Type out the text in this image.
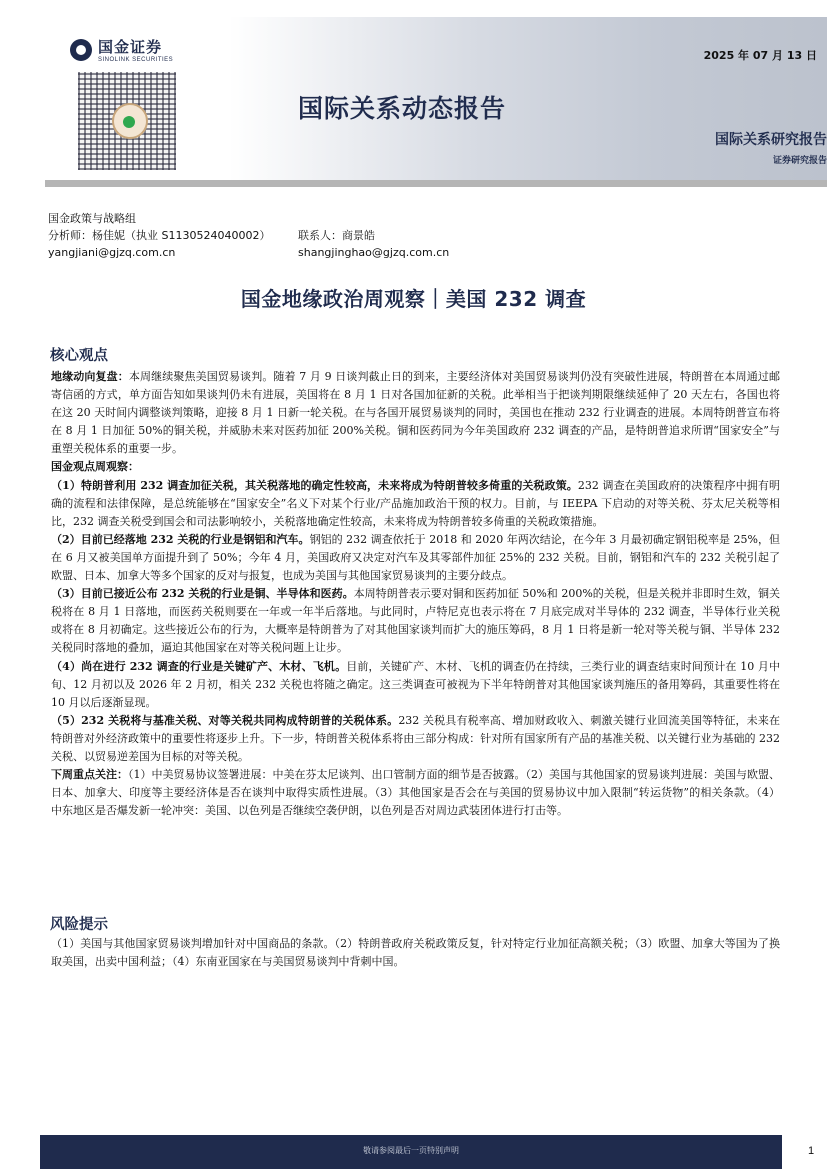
国金证券
SINOLINK SECURITIES	2025 年 07 月 13 日
国际关系动态报告
国际关系研究报告
证券研究报告
国金政策与战略组
分析师：杨佳妮（执业 S1130524040002）	联系人：商景皓
yangjiani@gjzq.com.cn	shangjinghao@gjzq.com.cn
国金地缘政治周观察｜美国 232 调查
核心观点

地缘动向复盘：本周继续聚焦美国贸易谈判。随着 7 月 9 日谈判截止日的到来，主要经济体对美国贸易谈判仍没有突破性进展，特朗普在本周通过邮寄信函的方式，单方面告知如果谈判仍未有进展，美国将在 8 月 1 日对各国加征新的关税。此举相当于把谈判期限继续延伸了 20 天左右，各国也将在这 20 天时间内调整谈判策略，迎接 8 月 1 日新一轮关税。在与各国开展贸易谈判的同时，美国也在推动 232 行业调查的进展。本周特朗普宣布将在 8 月 1 日加征 50%的铜关税，并威胁未来对医药加征 200%关税。铜和医药同为今年美国政府 232 调查的产品，是特朗普追求所谓“国家安全”与重塑关税体系的重要一步。

国金观点周观察：

（1）特朗普利用 232 调查加征关税，其关税落地的确定性较高，未来将成为特朗普较多倚重的关税政策。232 调查在美国政府的决策程序中拥有明确的流程和法律保障，是总统能够在“国家安全”名义下对某个行业/产品施加政治干预的权力。目前，与 IEEPA 下启动的对等关税、芬太尼关税等相比，232 调查关税受到国会和司法影响较小，关税落地确定性较高，未来将成为特朗普较多倚重的关税政策措施。

（2）目前已经落地 232 关税的行业是钢铝和汽车。钢铝的 232 调查依托于 2018 和 2020 年两次结论，在今年 3 月最初确定钢铝税率是 25%，但在 6 月又被美国单方面提升到了 50%；今年 4 月，美国政府又决定对汽车及其零部件加征 25%的 232 关税。目前，钢铝和汽车的 232 关税引起了欧盟、日本、加拿大等多个国家的反对与报复，也成为美国与其他国家贸易谈判的主要分歧点。

（3）目前已接近公布 232 关税的行业是铜、半导体和医药。本周特朗普表示要对铜和医药加征 50%和 200%的关税，但是关税并非即时生效，铜关税将在 8 月 1 日落地，而医药关税则要在一年或一年半后落地。与此同时，卢特尼克也表示将在 7 月底完成对半导体的 232 调查，半导体行业关税或将在 8 月初确定。这些接近公布的行为，大概率是特朗普为了对其他国家谈判而扩大的施压筹码，8 月 1 日将是新一轮对等关税与铜、半导体 232 关税同时落地的叠加，逼迫其他国家在对等关税问题上让步。

（4）尚在进行 232 调查的行业是关键矿产、木材、飞机。目前，关键矿产、木材、飞机的调查仍在持续，三类行业的调查结束时间预计在 10 月中旬、12 月初以及 2026 年 2 月初，相关 232 关税也将随之确定。这三类调查可被视为下半年特朗普对其他国家谈判施压的备用筹码，其重要性将在 10 月以后逐渐显现。

（5）232 关税将与基准关税、对等关税共同构成特朗普的关税体系。232 关税具有税率高、增加财政收入、刺激关键行业回流美国等特征，未来在特朗普对外经济政策中的重要性将逐步上升。下一步，特朗普关税体系将由三部分构成：针对所有国家所有产品的基准关税、以关键行业为基础的 232 关税、以贸易逆差国为目标的对等关税。

下周重点关注：（1）中美贸易协议签署进展：中美在芬太尼谈判、出口管制方面的细节是否披露。（2）美国与其他国家的贸易谈判进展：美国与欧盟、日本、加拿大、印度等主要经济体是否在谈判中取得实质性进展。（3）其他国家是否会在与美国的贸易协议中加入限制“转运货物”的相关条款。（4）中东地区是否爆发新一轮冲突：美国、以色列是否继续空袭伊朗，以色列是否对周边武装团体进行打击等。

风险提示

（1）美国与其他国家贸易谈判增加针对中国商品的条款。（2）特朗普政府关税政策反复，针对特定行业加征高额关税；（3）欧盟、加拿大等国为了换取美国，出卖中国利益；（4）东南亚国家在与美国贸易谈判中背刺中国。

敬请参阅最后一页特别声明	1
